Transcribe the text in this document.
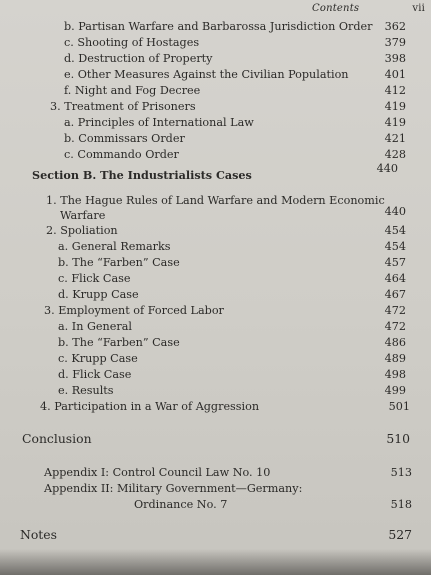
Contents	vii
b. Partisan Warfare and Barbarossa Jurisdiction Order 362
c. Shooting of Hostages	379
d. Destruction of Property	398
e. Other Measures Against the Civilian Population	401
f. Night and Fog Decree	412
3. Treatment of Prisoners	419
a. Principles of International Law	419
b. Commissars Order	421
c. Commando Order	428
Section B. The Industrialists Cases	440
1. The Hague Rules of Land Warfare and Modern Economic
Warfare	440
2. Spoliation	454
a. General Remarks	454
b. The “Farben” Case	457
c. Flick Case	464
d. Krupp Case	467
3. Employment of Forced Labor	472
a. In General	472
b. The “Farben” Case	486
c. Krupp Case	489
d. Flick Case	498
e. Results	499
4. Participation in a War of Aggression	501
Conclusion	510
Appendix I: Control Council Law No. 10	513
Appendix II: Military Government—Germany:
Ordinance No. 7	518
Notes	527
